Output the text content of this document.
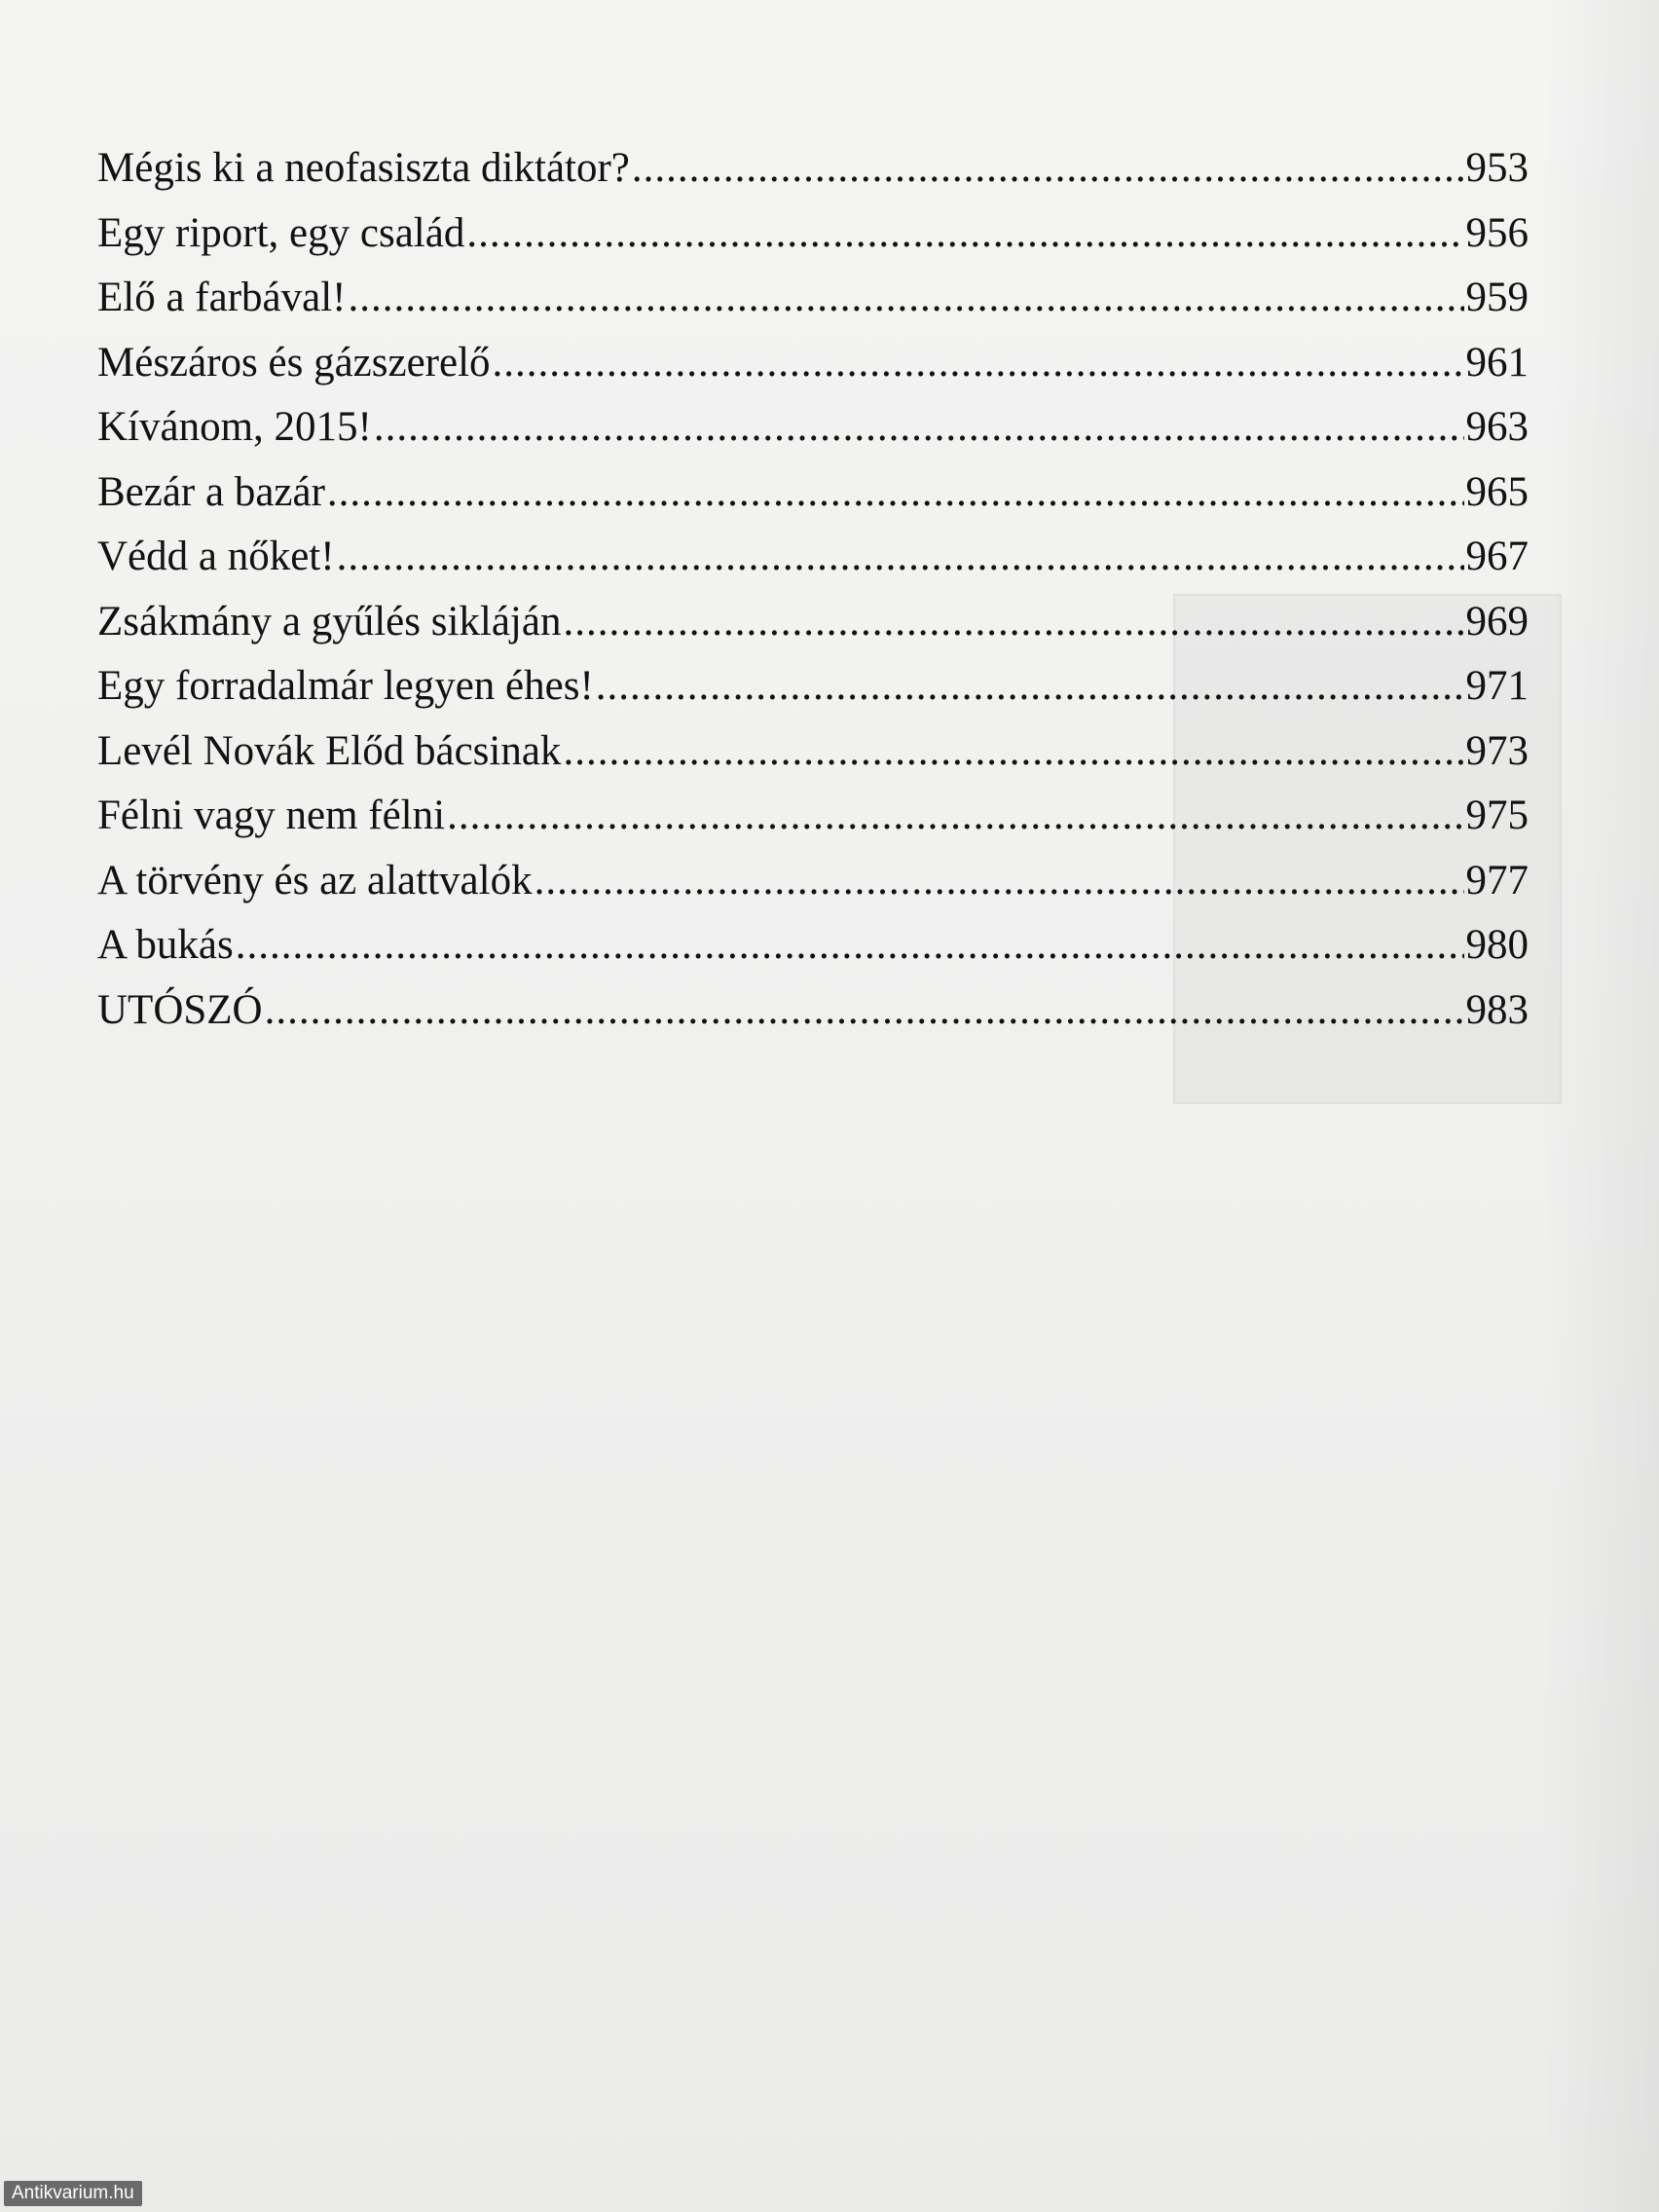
Mégis ki a neofasiszta diktátor? .....	953
Egy riport, egy család .....	956
Elő a farbával! .....	959
Mészáros és gázszerelő .....	961
Kívánom, 2015! .....	963
Bezár a bazár .....	965
Védd a nőket! .....	967
Zsákmány a gyűlés sikláján .....	969
Egy forradalmár legyen éhes! .....	971
Levél Novák Előd bácsinak .....	973
Félni vagy nem félni .....	975
A törvény és az alattvalók .....	977
A bukás .....	980
UTÓSZÓ .....	983
Antikvarium.hu
